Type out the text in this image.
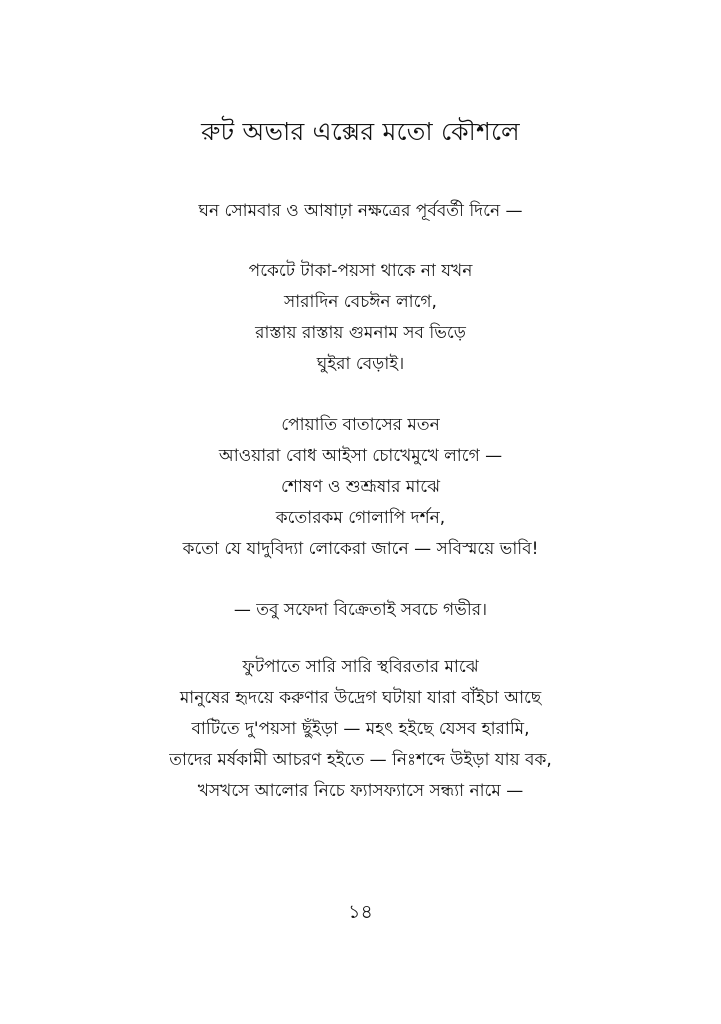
রুট অভার এক্সের মতো কৌশলে
ঘন সোমবার ও আষাঢ়া নক্ষত্রের পূর্ববর্তী দিনে —
পকেটে টাকা-পয়সা থাকে না যখন
সারাদিন বেচঈন লাগে,
রাস্তায় রাস্তায় গুমনাম সব ভিড়ে
ঘুইরা বেড়াই।
পোয়াতি বাতাসের মতন
আওয়ারা বোধ আইসা চোখেমুখে লাগে —
শোষণ ও শুশ্রূষার মাঝে
কতোরকম গোলাপি দর্শন,
কতো যে যাদুবিদ্যা লোকেরা জানে — সবিস্ময়ে ভাবি!
— তবু সফেদা বিক্রেতাই সবচে গভীর।
ফুটপাতে সারি সারি স্থবিরতার মাঝে
মানুষের হৃদয়ে করুণার উদ্রেগ ঘটায়া যারা বাঁইচা আছে
বাটিতে দু'পয়সা ছুঁইড়া — মহৎ হইছে যেসব হারামি,
তাদের মর্ষকামী আচরণ হইতে — নিঃশব্দে উইড়া যায় বক,
খসখসে আলোর নিচে ফ্যাসফ্যাসে সন্ধ্যা নামে —
১৪
